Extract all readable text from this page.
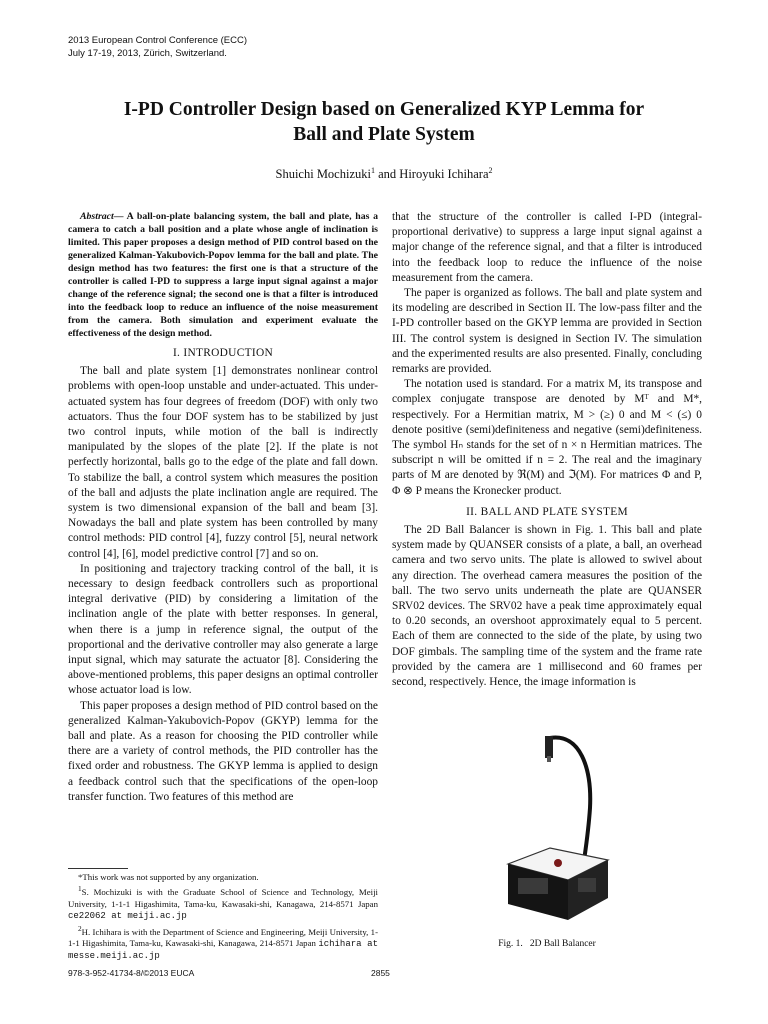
2013 European Control Conference (ECC)
July 17-19, 2013, Zürich, Switzerland.
I-PD Controller Design based on Generalized KYP Lemma for
Ball and Plate System
Shuichi Mochizuki$^1$ and Hiroyuki Ichihara$^2$

Abstract— A ball-on-plate balancing system, the ball and plate, has a camera to catch a ball position and a plate whose angle of inclination is limited. This paper proposes a design method of PID control based on the generalized Kalman-Yakubovich-Popov lemma for the ball and plate. The design method has two features: the first one is that a structure of the controller is called I-PD to suppress a large input signal against a major change of the reference signal; the second one is that a filter is introduced into the feedback loop to reduce an influence of the noise measurement from the camera. Both simulation and experiment evaluate the effectiveness of the design method.

I. INTRODUCTION

The ball and plate system [1] demonstrates nonlinear control problems with open-loop unstable and under-actuated. This under-actuated system has four degrees of freedom (DOF) with only two actuators. Thus the four DOF system has to be stabilized by just two control inputs, while motion of the ball is indirectly manipulated by the slopes of the plate [2]. If the plate is not perfectly horizontal, balls go to the edge of the plate and fall down. To stabilize the ball, a control system which measures the position of the ball and adjusts the plate inclination angle are required. The system is two dimensional expansion of the ball and beam [3]. Nowadays the ball and plate system has been controlled by many control methods: PID control [4], fuzzy control [5], neural network control [4], [6], model predictive control [7] and so on.

In positioning and trajectory tracking control of the ball, it is necessary to design feedback controllers such as proportional integral derivative (PID) by considering a limitation of the inclination angle of the plate with better responses. In general, when there is a jump in reference signal, the output of the proportional and the derivative controller may also generate a large input signal, which may saturate the actuator [8]. Considering the above-mentioned problems, this paper designs an optimal controller whose actuator load is low.

This paper proposes a design method of PID control based on the generalized Kalman-Yakubovich-Popov (GKYP) lemma for the ball and plate. As a reason for choosing the PID controller while there are a variety of control methods, the PID controller has the fixed order and robustness. The GKYP lemma is applied to design a feedback control such that the specifications of the open-loop transfer function. Two features of this method are

*This work was not supported by any organization.

$^1$S. Mochizuki is with the Graduate School of Science and Technology, Meiji University, 1-1-1 Higashimita, Tama-ku, Kawasaki-shi, Kanagawa, 214-8571 Japan ce22062 at meiji.ac.jp

$^2$H. Ichihara is with the Department of Science and Engineering, Meiji University, 1-1-1 Higashimita, Tama-ku, Kawasaki-shi, Kanagawa, 214-8571 Japan ichihara at messe.meiji.ac.jp

that the structure of the controller is called I-PD (integral-proportional derivative) to suppress a large input signal against a major change of the reference signal, and that a filter is introduced into the feedback loop to reduce the influence of the noise measurement from the camera.

The paper is organized as follows. The ball and plate system and its modeling are described in Section II. The low-pass filter and the I-PD controller based on the GKYP lemma are provided in Section III. The control system is designed in Section IV. The simulation and the experimented results are also presented. Finally, concluding remarks are provided.

The notation used is standard. For a matrix M, its transpose and complex conjugate transpose are denoted by Mᵀ and M*, respectively. For a Hermitian matrix, M > (≥) 0 and M < (≤) 0 denote positive (semi)definiteness and negative (semi)definiteness. The symbol Hₙ stands for the set of n × n Hermitian matrices. The subscript n will be omitted if n = 2. The real and the imaginary parts of M are denoted by ℜ(M) and ℑ(M). For matrices Φ and P, Φ ⊗ P means the Kronecker product.

II. BALL AND PLATE SYSTEM

The 2D Ball Balancer is shown in Fig. 1. This ball and plate system made by QUANSER consists of a plate, a ball, an overhead camera and two servo units. The plate is allowed to swivel about any direction. The overhead camera measures the position of the ball. The two servo units underneath the plate are QUANSER SRV02 devices. The SRV02 have a peak time approximately equal to 0.20 seconds, an overshoot approximately equal to 5 percent. Each of them are connected to the side of the plate, by using two DOF gimbals. The sampling time of the system and the frame rate provided by the camera are 1 millisecond and 60 frames per second, respectively. Hence, the image information is

Fig. 1.   2D Ball Balancer
978-3-952-41734-8/©2013 EUCA	2855
